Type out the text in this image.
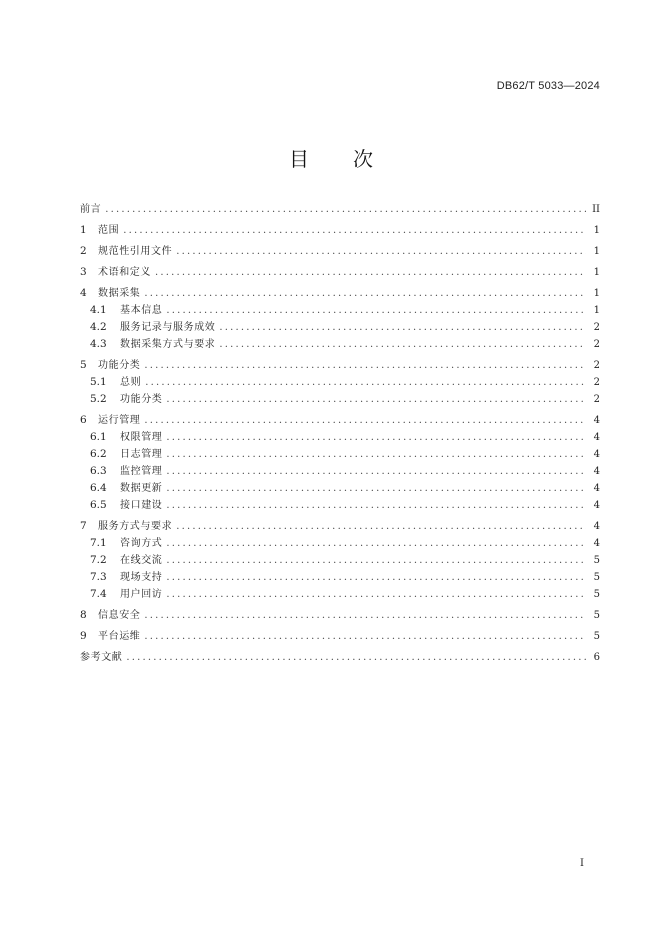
DB62/T 5033—2024
目 次
前言 .....	II
1	范围 .....	1
2	规范性引用文件 .....	1
3	术语和定义 .....	1
4	数据采集 .....	1
4.1	基本信息 .....	1
4.2	服务记录与服务成效 .....	2
4.3	数据采集方式与要求 .....	2
5	功能分类 .....	2
5.1	总则 .....	2
5.2	功能分类 .....	2
6	运行管理 .....	4
6.1	权限管理 .....	4
6.2	日志管理 .....	4
6.3	监控管理 .....	4
6.4	数据更新 .....	4
6.5	接口建设 .....	4
7	服务方式与要求 .....	4
7.1	咨询方式 .....	4
7.2	在线交流 .....	5
7.3	现场支持 .....	5
7.4	用户回访 .....	5
8	信息安全 .....	5
9	平台运维 .....	5
参考文献 .....	6
I
